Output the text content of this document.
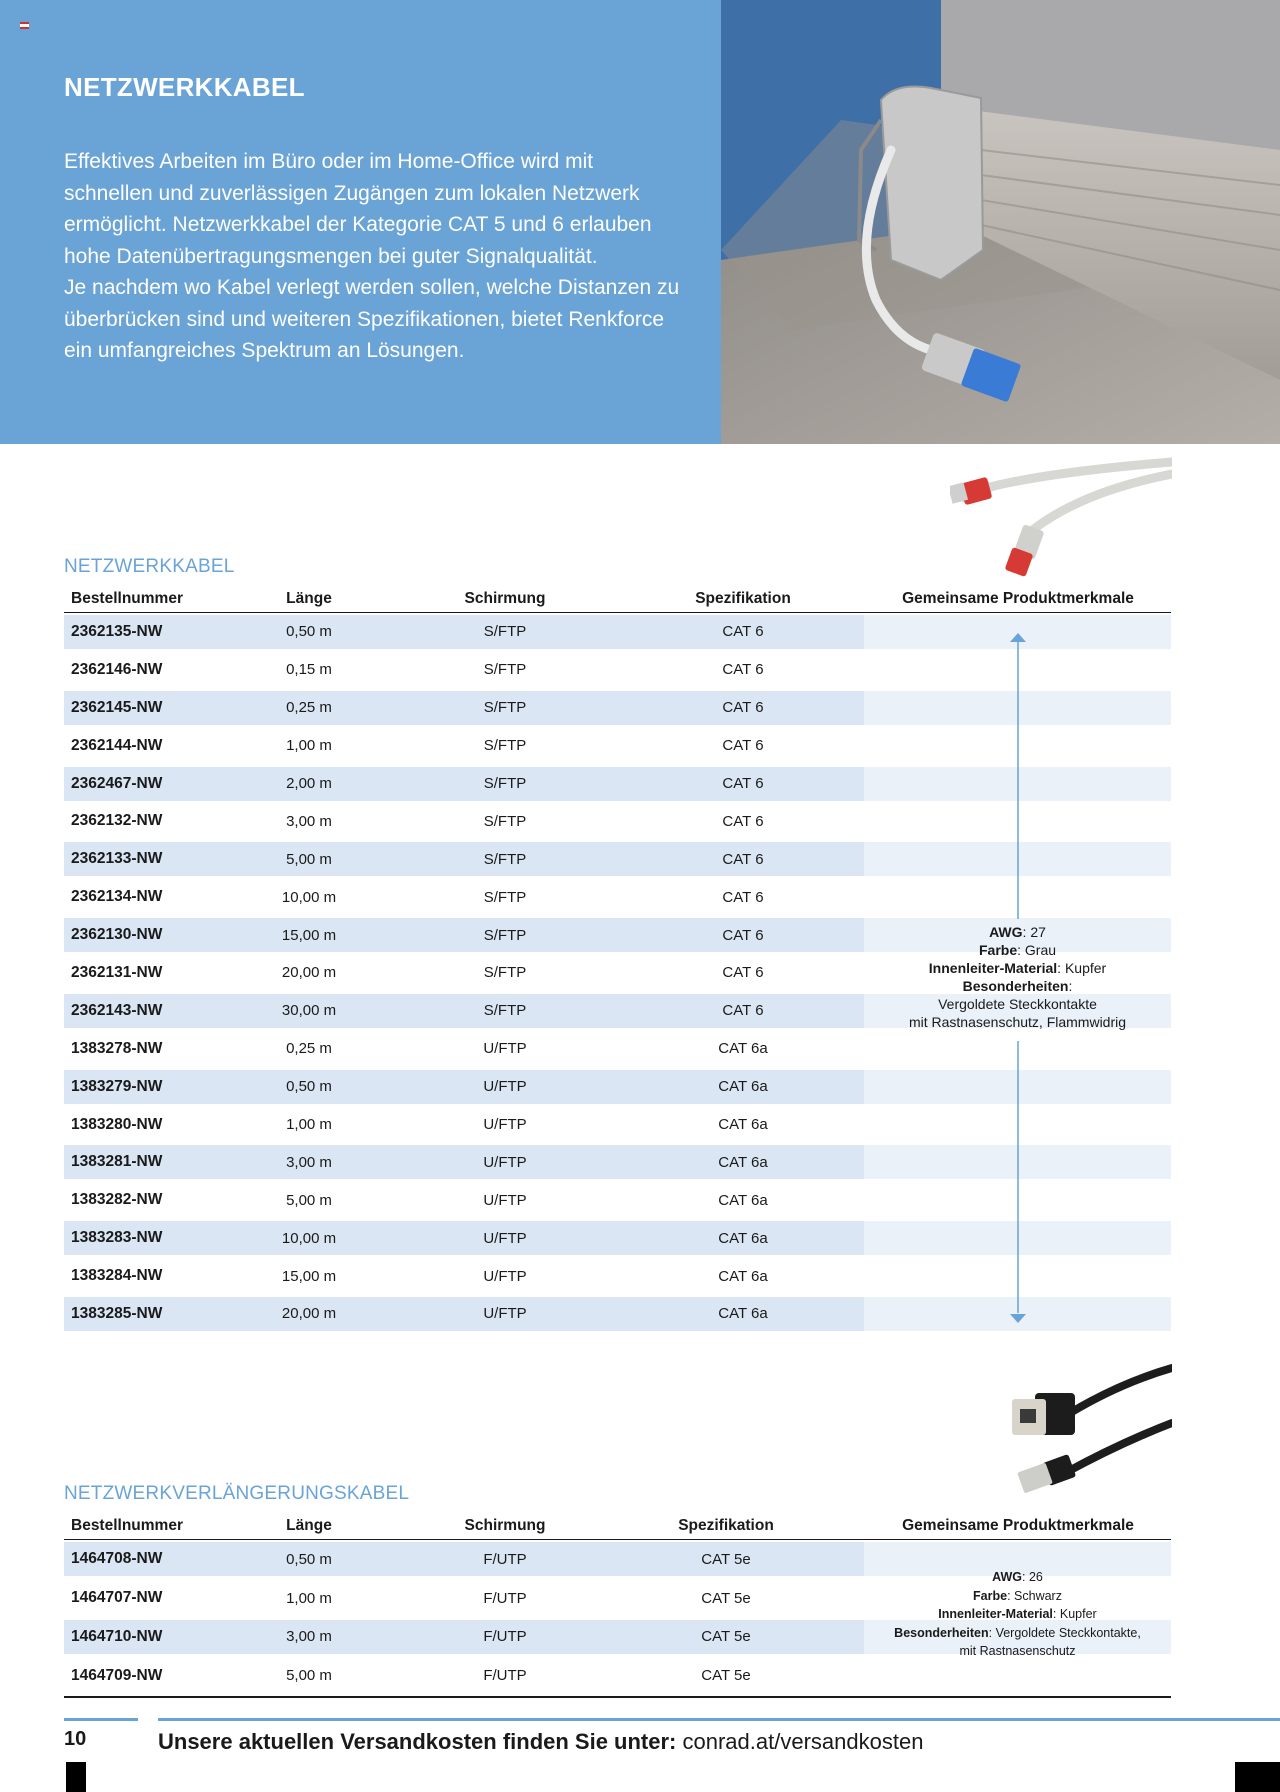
NETZWERKKABEL

Effektives Arbeiten im Büro oder im Home-Office wird mit

schnellen und zuverlässigen Zugängen zum lokalen Netzwerk

ermöglicht. Netzwerkkabel der Kategorie CAT 5 und 6 erlauben

hohe Datenübertragungsmengen bei guter Signalqualität.

Je nachdem wo Kabel verlegt werden sollen, welche Distanzen zu

überbrücken sind und weiteren Spezifikationen, bietet Renkforce

ein umfangreiches Spektrum an Lösungen.

NETZWERKKABEL
Bestellnummer	Länge	Schirmung	Spezifikation	Gemeinsame Produktmerkmale
2362135-NW	0,50 m	S/FTP	CAT 6
2362146-NW	0,15 m	S/FTP	CAT 6
2362145-NW	0,25 m	S/FTP	CAT 6
2362144-NW	1,00 m	S/FTP	CAT 6
2362467-NW	2,00 m	S/FTP	CAT 6
2362132-NW	3,00 m	S/FTP	CAT 6
2362133-NW	5,00 m	S/FTP	CAT 6
2362134-NW	10,00 m	S/FTP	CAT 6
2362130-NW	15,00 m	S/FTP	CAT 6
2362131-NW	20,00 m	S/FTP	CAT 6
2362143-NW	30,00 m	S/FTP	CAT 6
1383278-NW	0,25 m	U/FTP	CAT 6a
1383279-NW	0,50 m	U/FTP	CAT 6a
1383280-NW	1,00 m	U/FTP	CAT 6a
1383281-NW	3,00 m	U/FTP	CAT 6a
1383282-NW	5,00 m	U/FTP	CAT 6a
1383283-NW	10,00 m	U/FTP	CAT 6a
1383284-NW	15,00 m	U/FTP	CAT 6a
1383285-NW	20,00 m	U/FTP	CAT 6a
AWG: 27
Farbe: Grau
Innenleiter-Material: Kupfer
Besonderheiten:
Vergoldete Steckkontakte
mit Rastnasenschutz, Flammwidrig
NETZWERKVERLÄNGERUNGSKABEL
Bestellnummer	Länge	Schirmung	Spezifikation	Gemeinsame Produktmerkmale
1464708-NW	0,50 m	F/UTP	CAT 5e
1464707-NW	1,00 m	F/UTP	CAT 5e
1464710-NW	3,00 m	F/UTP	CAT 5e
1464709-NW	5,00 m	F/UTP	CAT 5e
AWG: 26
Farbe: Schwarz
Innenleiter-Material: Kupfer
Besonderheiten: Vergoldete Steckkontakte,
mit Rastnasenschutz
10	Unsere aktuellen Versandkosten finden Sie unter: conrad.at/versandkosten
